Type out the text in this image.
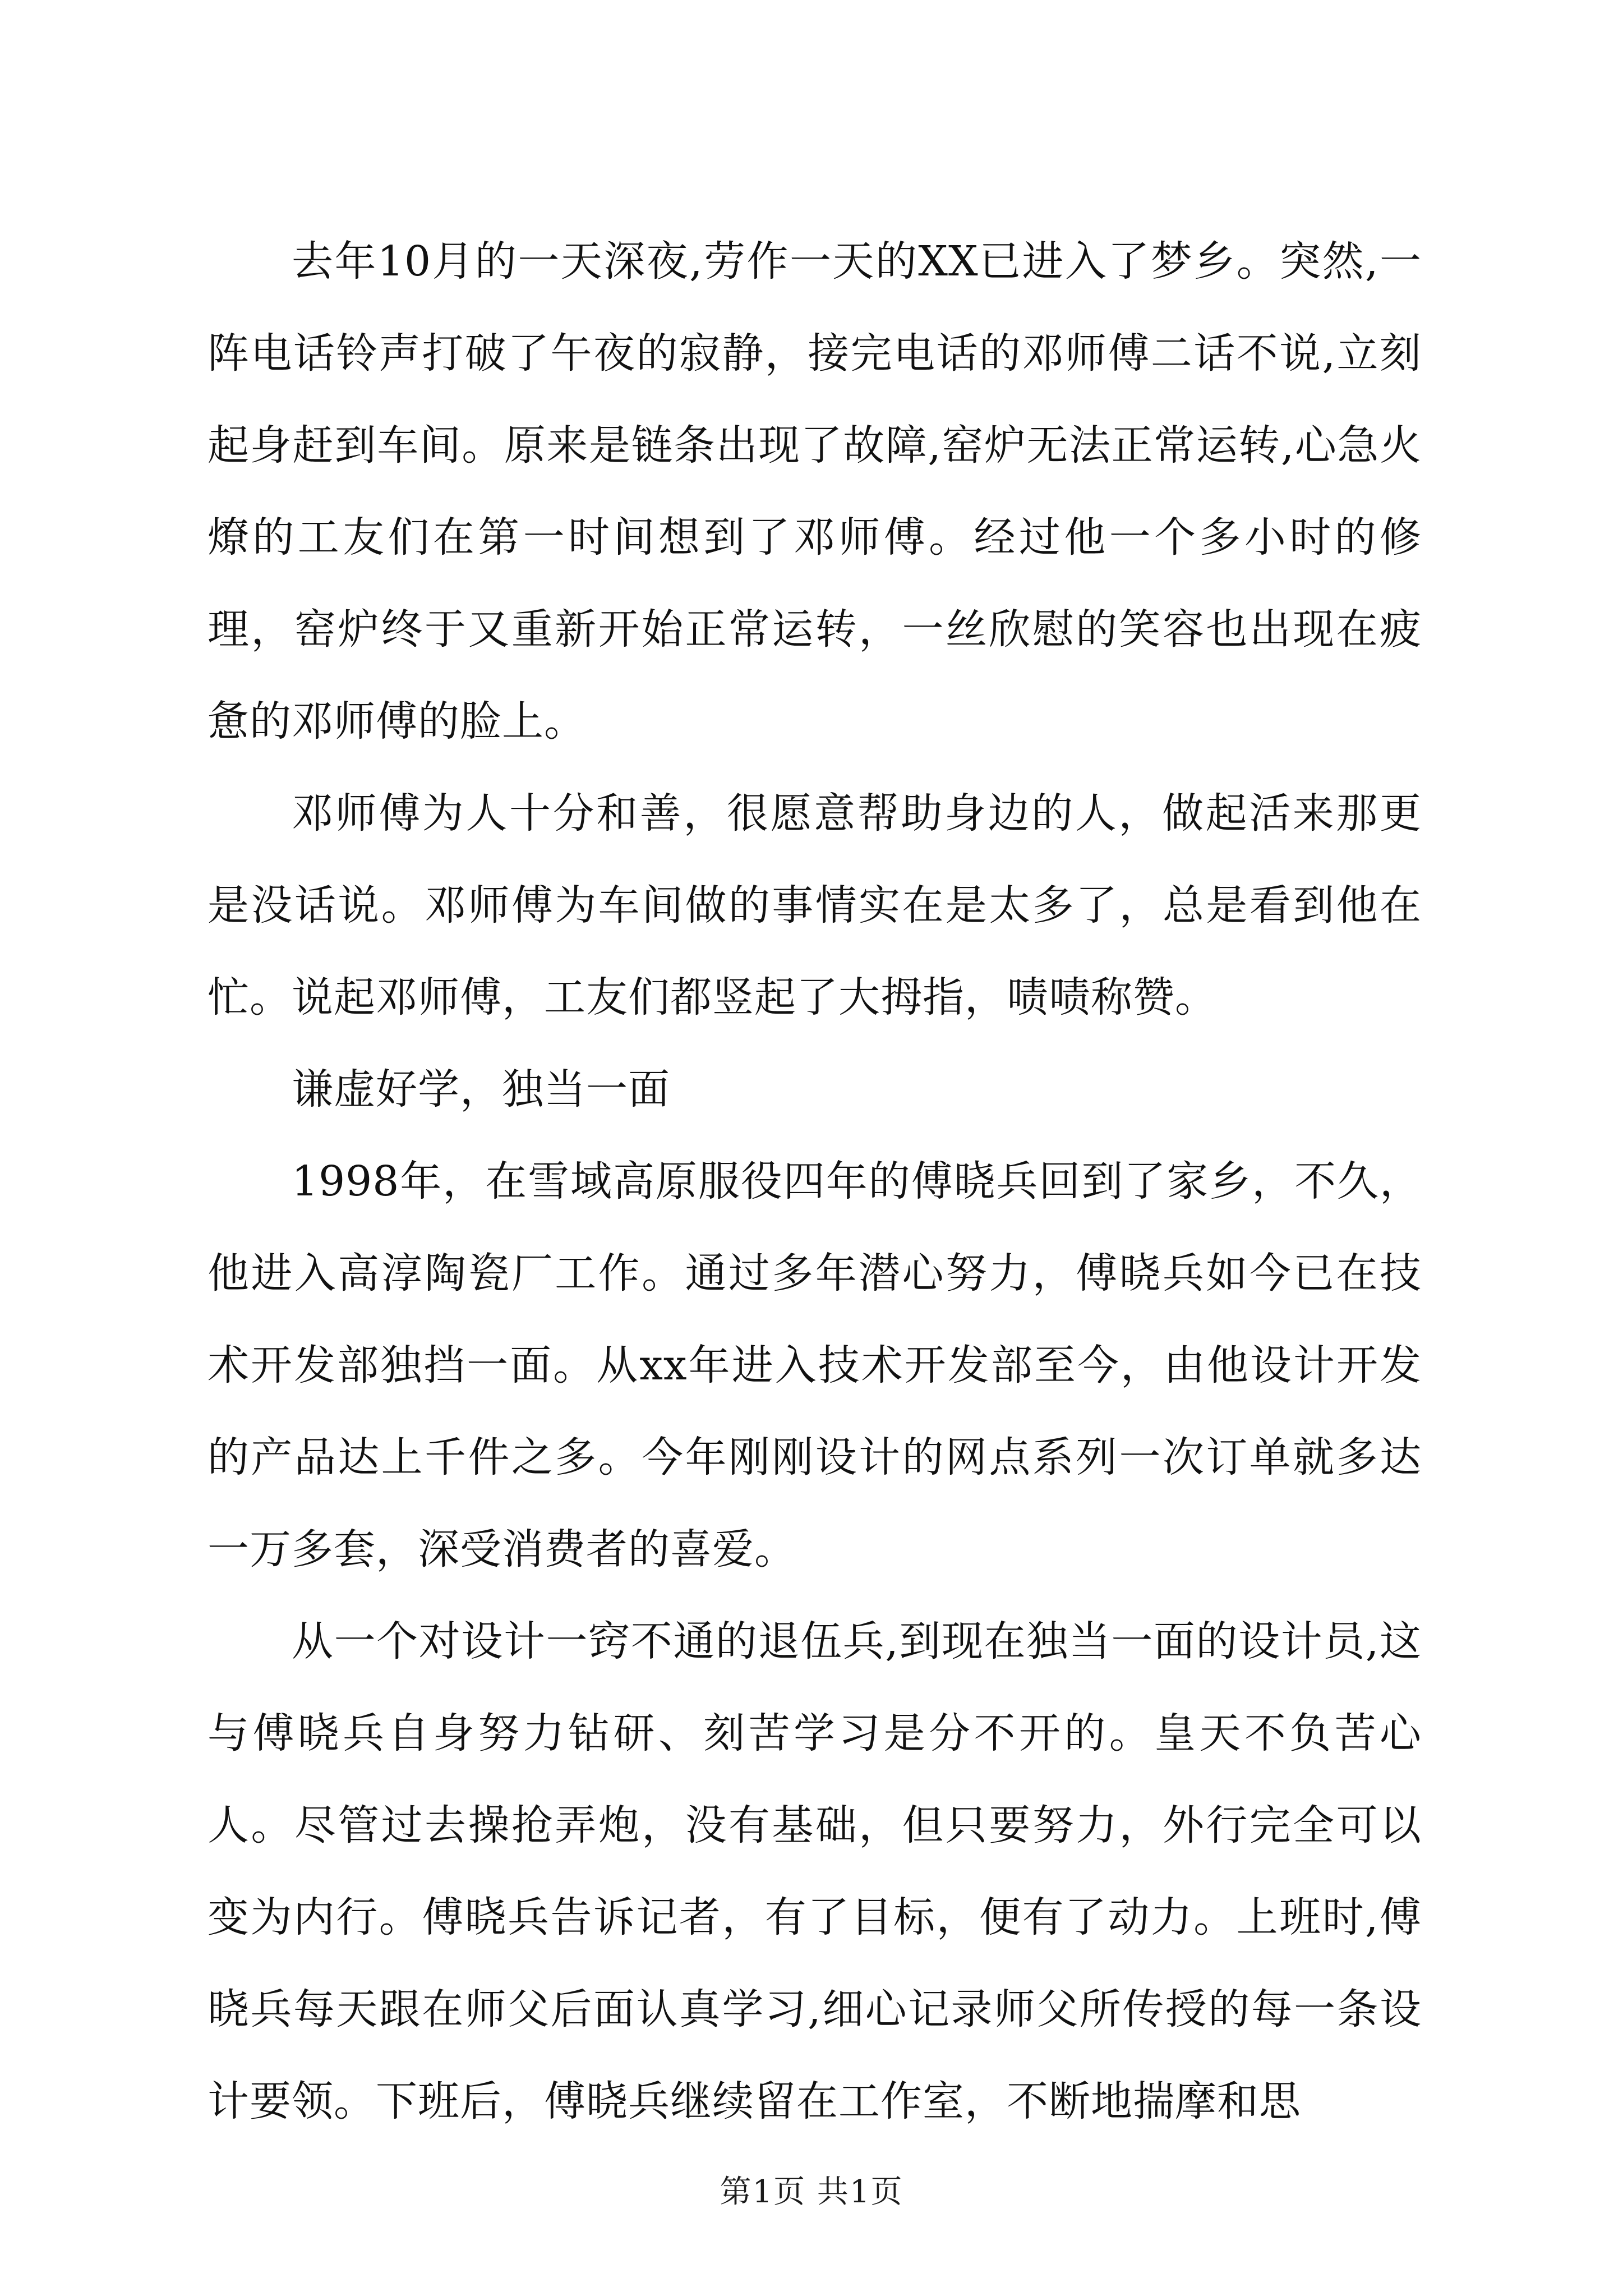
去年10月的一天深夜,劳作一天的XX已进入了梦乡。突然,一阵电话铃声打破了午夜的寂静，接完电话的邓师傅二话不说,立刻起身赶到车间。原来是链条出现了故障,窑炉无法正常运转,心急火燎的工友们在第一时间想到了邓师傅。经过他一个多小时的修理，窑炉终于又重新开始正常运转，一丝欣慰的笑容也出现在疲惫的邓师傅的脸上。

邓师傅为人十分和善，很愿意帮助身边的人，做起活来那更是没话说。邓师傅为车间做的事情实在是太多了，总是看到他在忙。说起邓师傅，工友们都竖起了大拇指，啧啧称赞。

谦虚好学，独当一面

1998年，在雪域高原服役四年的傅晓兵回到了家乡，不久，他进入高淳陶瓷厂工作。通过多年潜心努力，傅晓兵如今已在技术开发部独挡一面。从xx年进入技术开发部至今，由他设计开发的产品达上千件之多。今年刚刚设计的网点系列一次订单就多达一万多套，深受消费者的喜爱。

从一个对设计一窍不通的退伍兵,到现在独当一面的设计员,这与傅晓兵自身努力钻研、刻苦学习是分不开的。皇天不负苦心人。尽管过去操抢弄炮，没有基础，但只要努力，外行完全可以变为内行。傅晓兵告诉记者，有了目标，便有了动力。上班时,傅晓兵每天跟在师父后面认真学习,细心记录师父所传授的每一条设计要领。下班后，傅晓兵继续留在工作室，不断地揣摩和思

第1页 共1页
